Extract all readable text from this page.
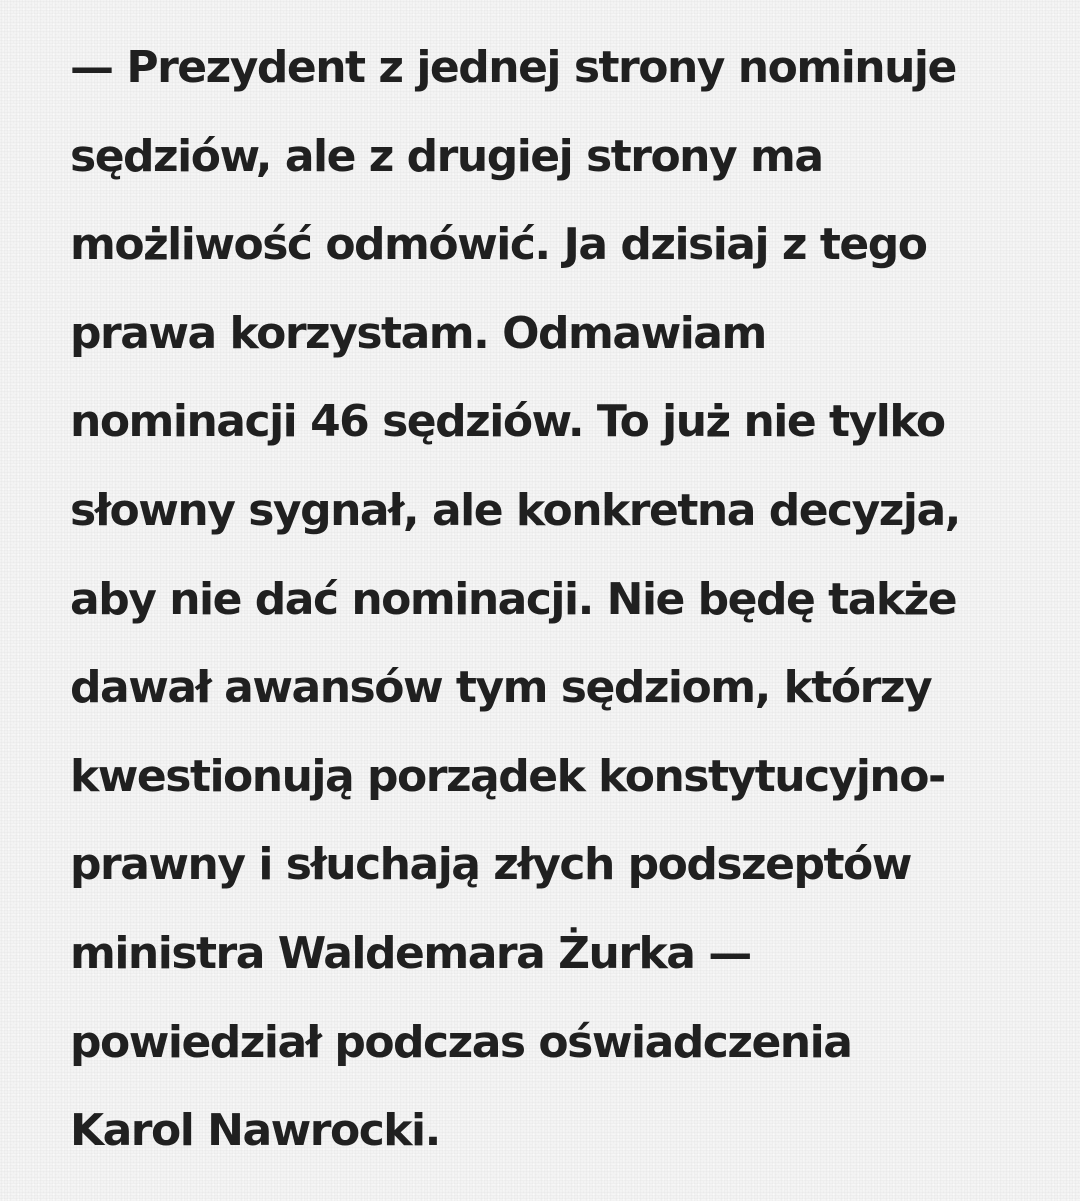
— Prezydent z jednej strony nominuje
sędziów, ale z drugiej strony ma
możliwość odmówić. Ja dzisiaj z tego
prawa korzystam. Odmawiam
nominacji 46 sędziów. To już nie tylko
słowny sygnał, ale konkretna decyzja,
aby nie dać nominacji. Nie będę także
dawał awansów tym sędziom, którzy
kwestionują porządek konstytucyjno-
prawny i słuchają złych podszeptów
ministra Waldemara Żurka —
powiedział podczas oświadczenia
Karol Nawrocki.
